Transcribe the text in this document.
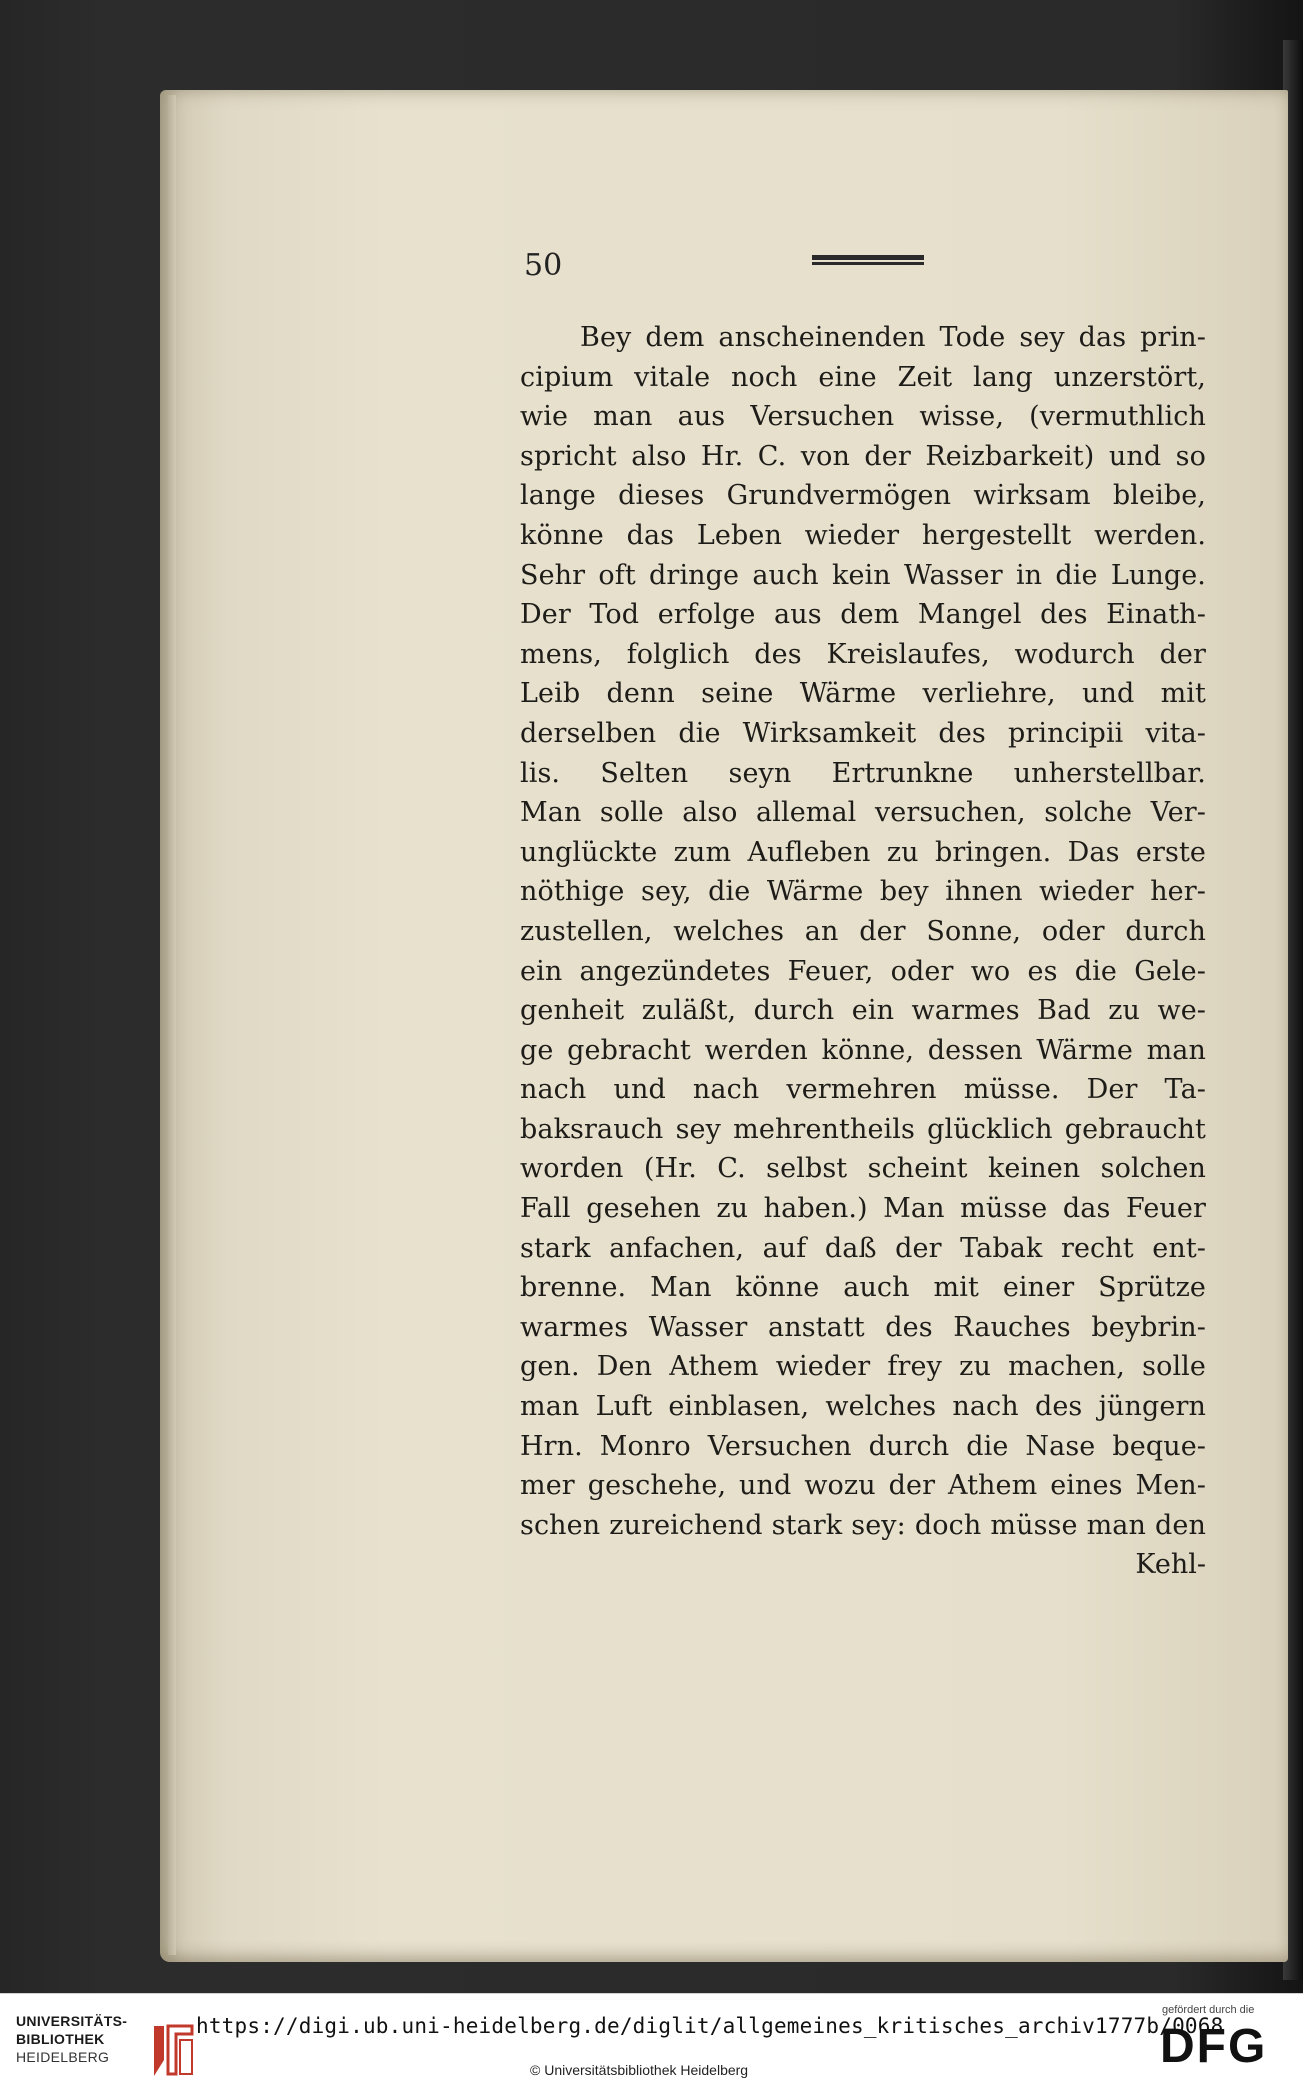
50
Bey dem anscheinenden Tode sey das prin-
cipium vitale noch eine Zeit lang unzerstört,
wie man aus Versuchen wisse, (vermuthlich
spricht also Hr. C. von der Reizbarkeit) und so
lange dieses Grundvermögen wirksam bleibe,
könne das Leben wieder hergestellt werden.
Sehr oft dringe auch kein Wasser in die Lunge.
Der Tod erfolge aus dem Mangel des Einath-
mens, folglich des Kreislaufes, wodurch der
Leib denn seine Wärme verliehre, und mit
derselben die Wirksamkeit des principii vita-
lis. Selten seyn Ertrunkne unherstellbar.
Man solle also allemal versuchen, solche Ver-
unglückte zum Aufleben zu bringen. Das erste
nöthige sey, die Wärme bey ihnen wieder her-
zustellen, welches an der Sonne, oder durch
ein angezündetes Feuer, oder wo es die Gele-
genheit zuläßt, durch ein warmes Bad zu we-
ge gebracht werden könne, dessen Wärme man
nach und nach vermehren müsse. Der Ta-
baksrauch sey mehrentheils glücklich gebraucht
worden (Hr. C. selbst scheint keinen solchen
Fall gesehen zu haben.) Man müsse das Feuer
stark anfachen, auf daß der Tabak recht ent-
brenne. Man könne auch mit einer Sprütze
warmes Wasser anstatt des Rauches beybrin-
gen. Den Athem wieder frey zu machen, solle
man Luft einblasen, welches nach des jüngern
Hrn. Monro Versuchen durch die Nase beque-
mer geschehe, und wozu der Athem eines Men-
schen zureichend stark sey: doch müsse man den
Kehl-
UNIVERSITÄTS-
BIBLIOTHEK
HEIDELBERG
https://digi.ub.uni-heidelberg.de/diglit/allgemeines_kritisches_archiv1777b/0068
© Universitätsbibliothek Heidelberg
gefördert durch die
DFG
